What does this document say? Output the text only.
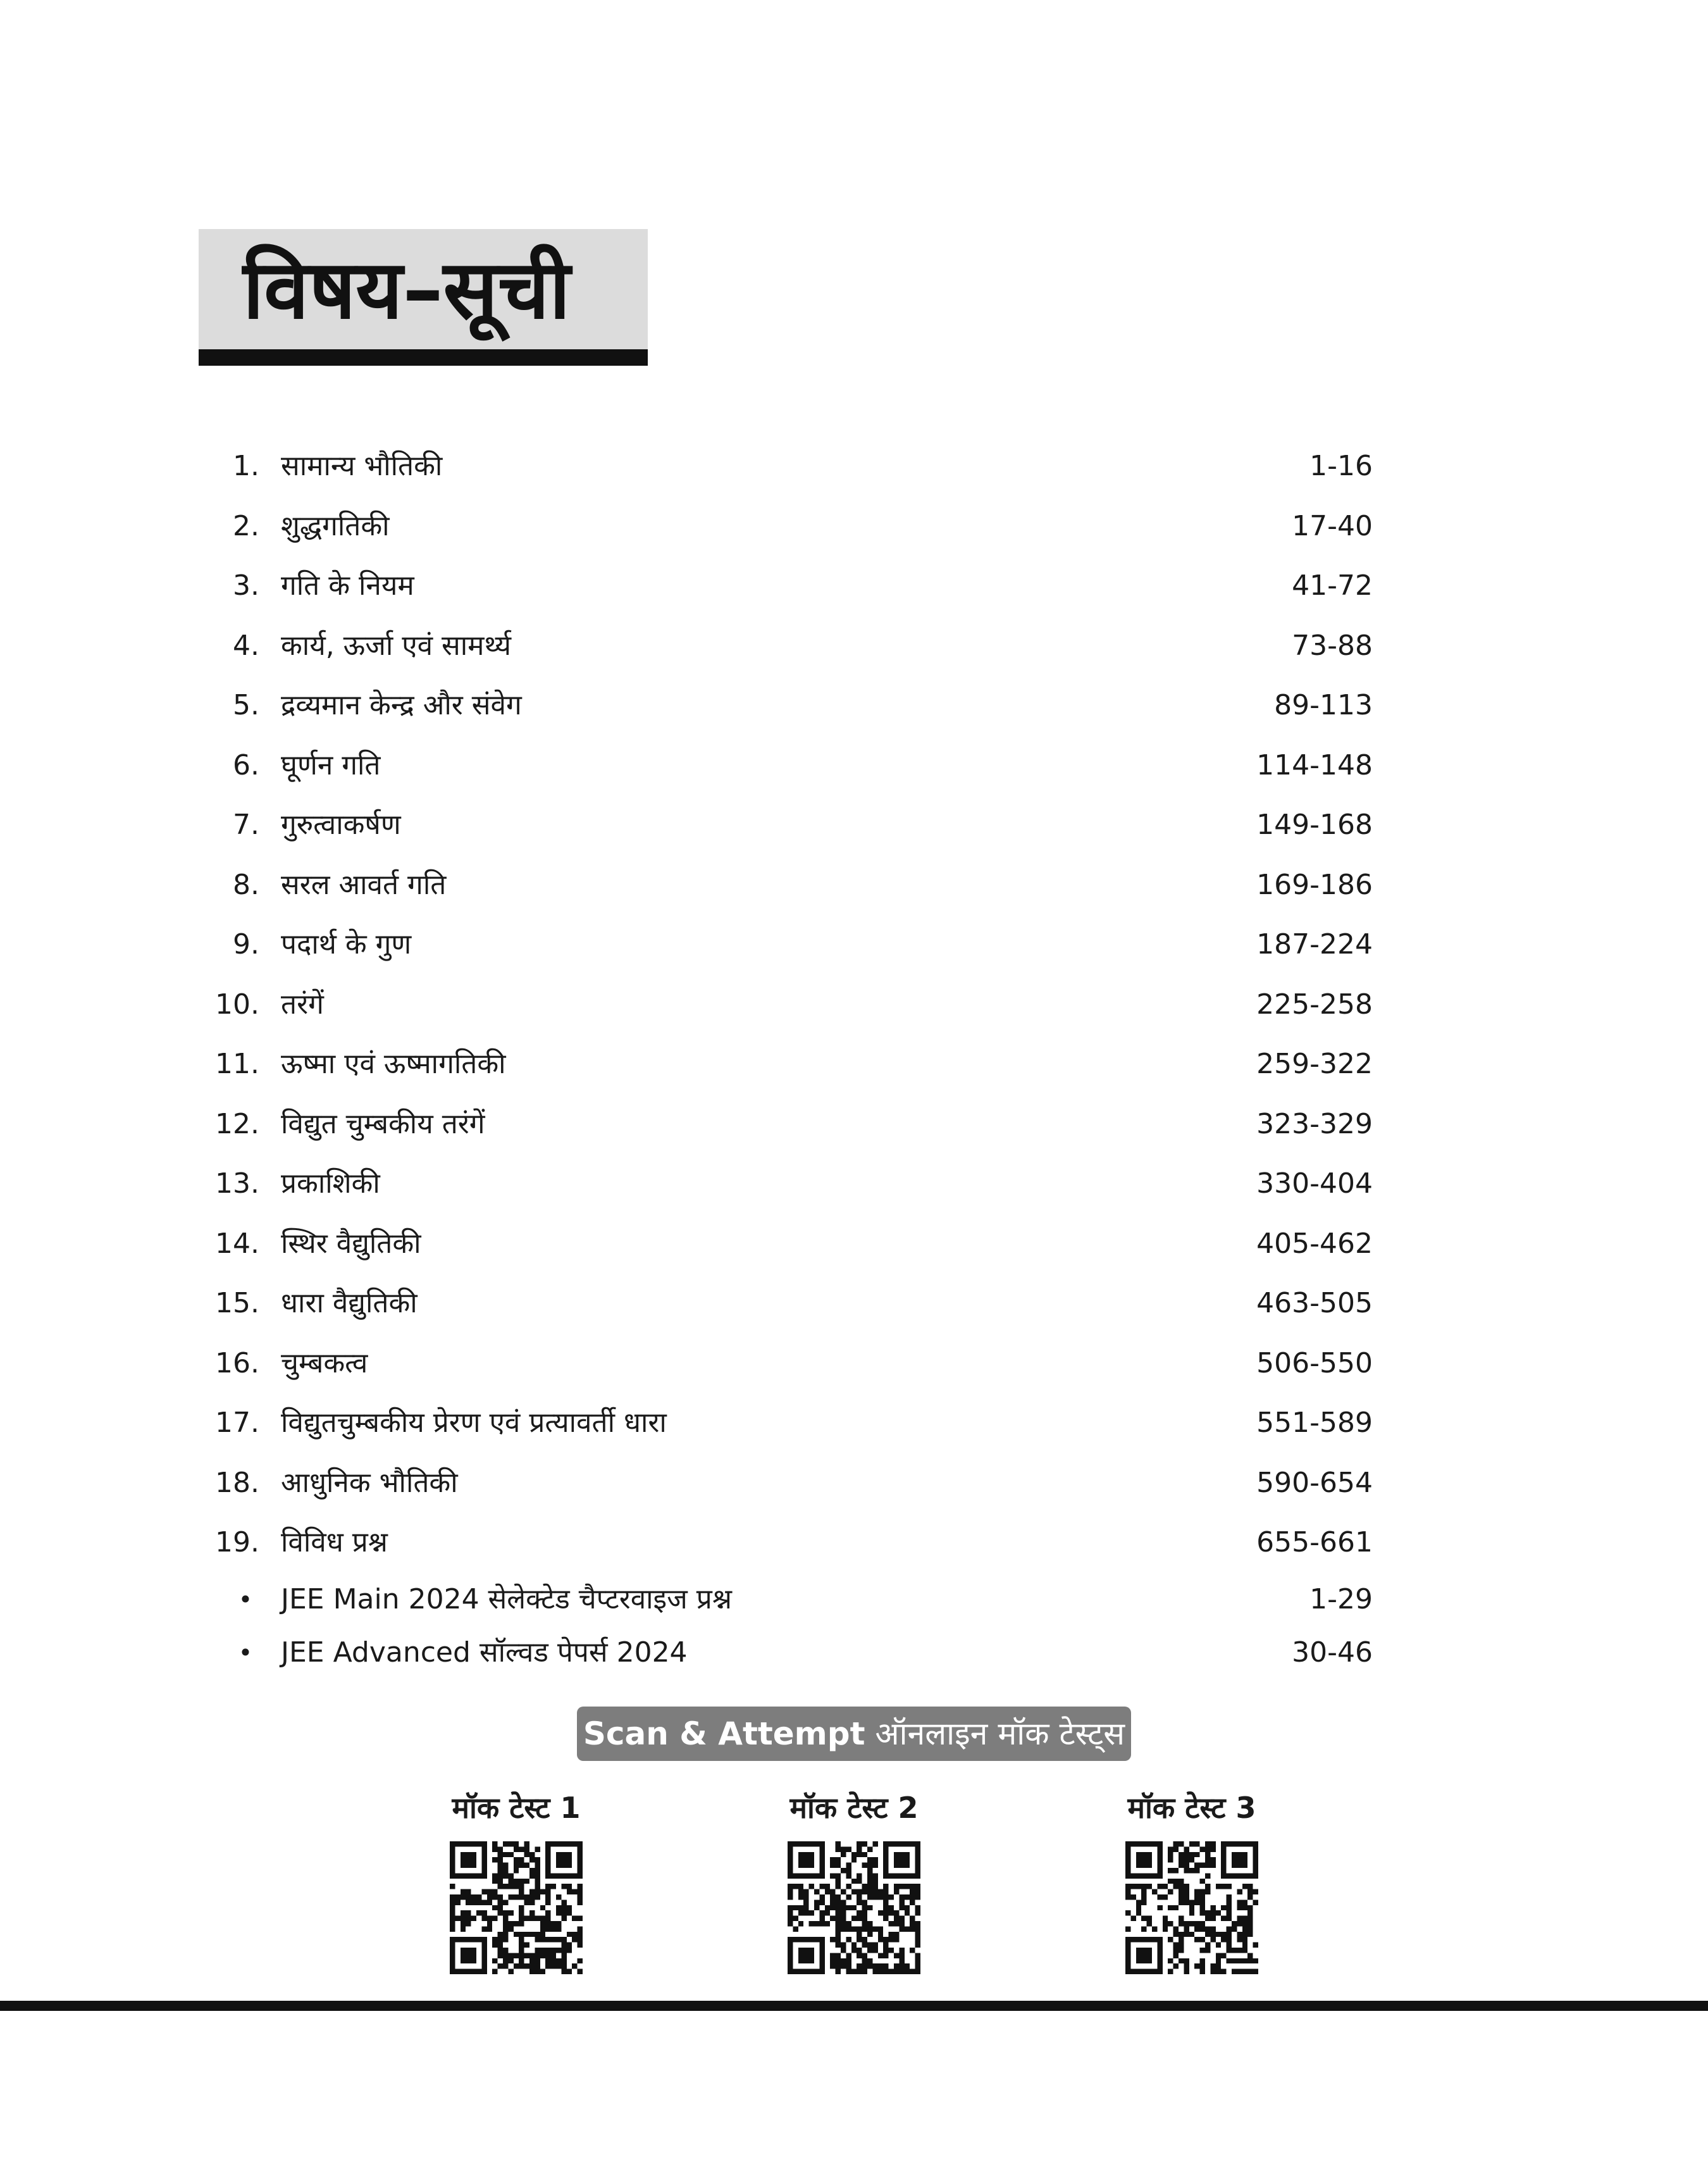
विषय–सूची
1. सामान्य भौतिकी	1-16
2. शुद्धगतिकी	17-40
3. गति के नियम	41-72
4. कार्य, ऊर्जा एवं सामर्थ्य	73-88
5. द्रव्यमान केन्द्र और संवेग	89-113
6. घूर्णन गति	114-148
7. गुरुत्वाकर्षण	149-168
8. सरल आवर्त गति	169-186
9. पदार्थ के गुण	187-224
10. तरंगें	225-258
11. ऊष्मा एवं ऊष्मागतिकी	259-322
12. विद्युत चुम्बकीय तरंगें	323-329
13. प्रकाशिकी	330-404
14. स्थिर वैद्युतिकी	405-462
15. धारा वैद्युतिकी	463-505
16. चुम्बकत्व	506-550
17. विद्युतचुम्बकीय प्रेरण एवं प्रत्यावर्ती धारा	551-589
18. आधुनिक भौतिकी	590-654
19. विविध प्रश्न	655-661
• JEE Main 2024 सेलेक्टेड चैप्टरवाइज प्रश्न	1-29
• JEE Advanced सॉल्वड पेपर्स 2024	30-46
Scan & Attempt ऑनलाइन मॉक टेस्ट्स
मॉक टेस्ट 1	मॉक टेस्ट 2	मॉक टेस्ट 3
